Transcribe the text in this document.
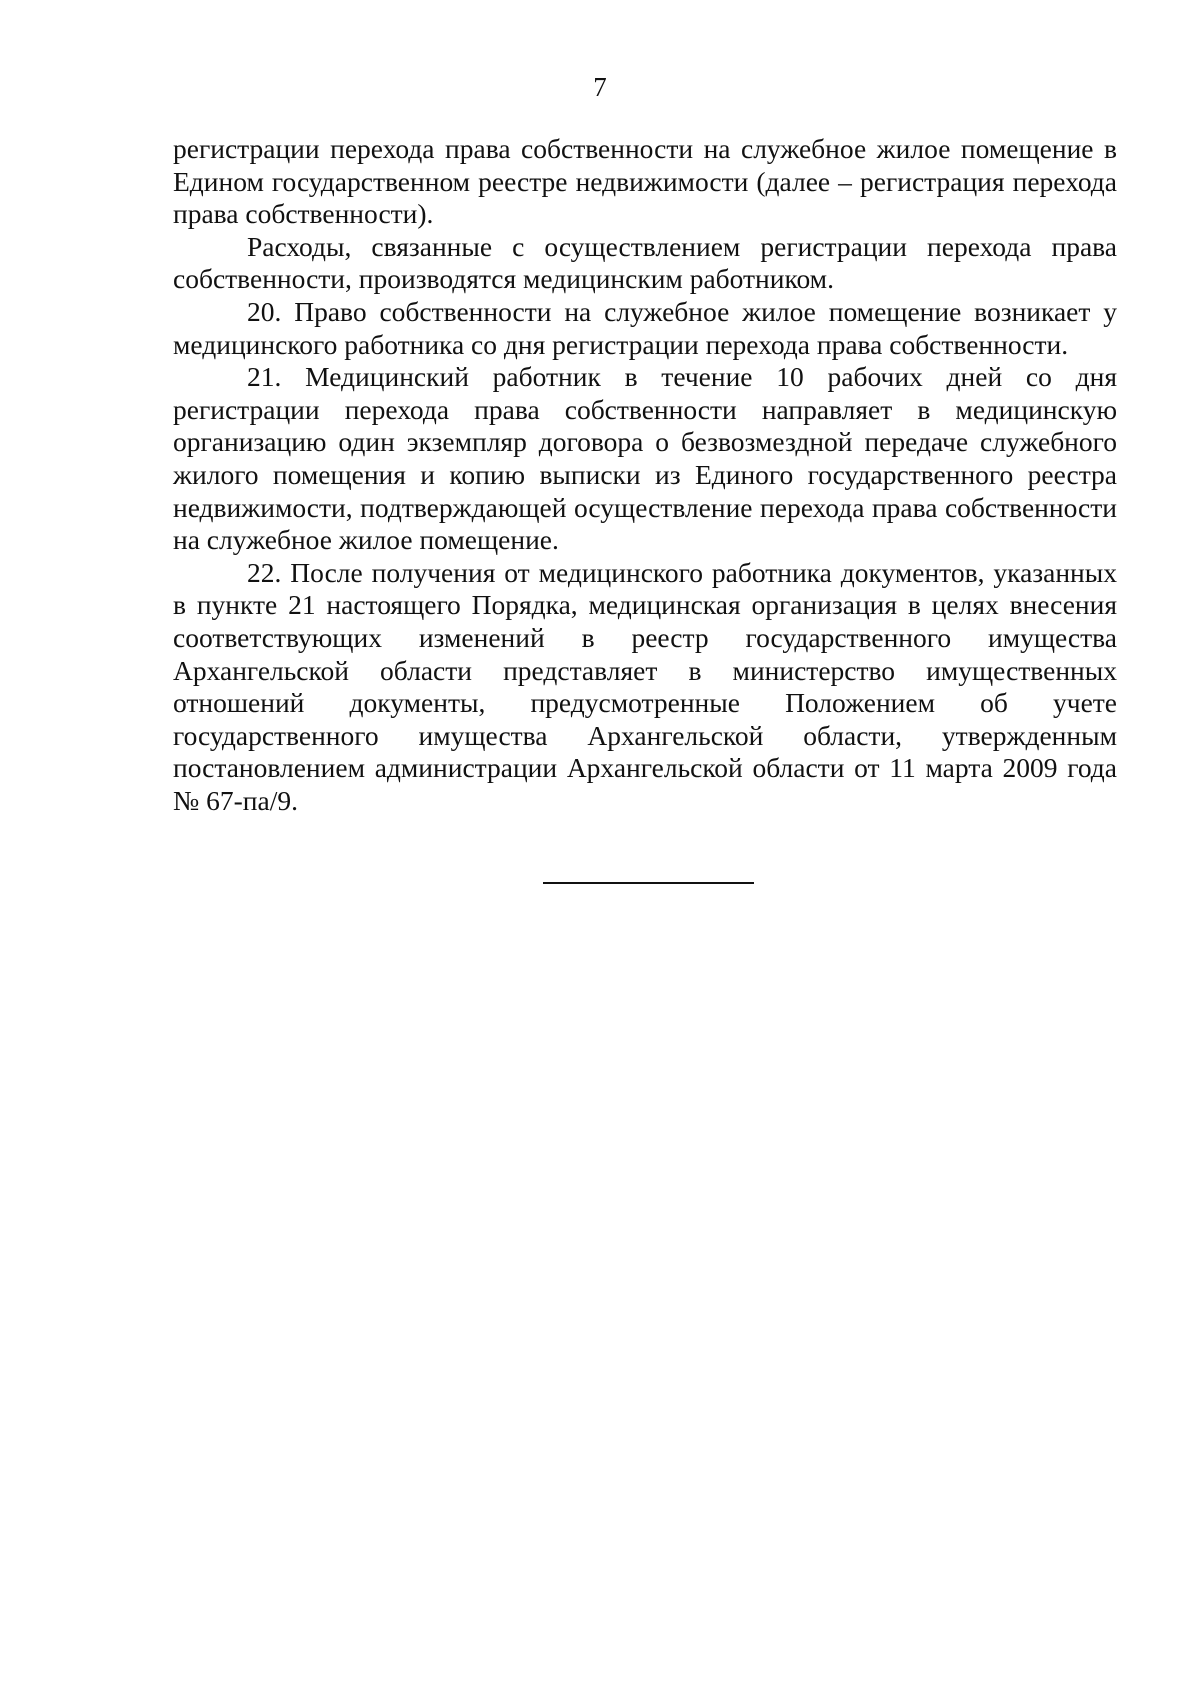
7

регистрации перехода права собственности на служебное жилое помещение в Едином государственном реестре недвижимости (далее – регистрация перехода права собственности).

Расходы, связанные с осуществлением регистрации перехода права собственности, производятся медицинским работником.

20. Право собственности на служебное жилое помещение возникает у медицинского работника со дня регистрации перехода права собственности.

21. Медицинский работник в течение 10 рабочих дней со дня регистрации перехода права собственности направляет в медицинскую организацию один экземпляр договора о безвозмездной передаче служебного жилого помещения и копию выписки из Единого государственного реестра недвижимости, подтверждающей осуществление перехода права собственности на служебное жилое помещение.

22. После получения от медицинского работника документов, указанных в пункте 21 настоящего Порядка, медицинская организация в целях внесения соответствующих изменений в реестр государственного имущества Архангельской области представляет в министерство имущественных отношений документы, предусмотренные Положением об учете государственного имущества Архангельской области, утвержденным постановлением администрации Архангельской области от 11 марта 2009 года № 67-па/9.
